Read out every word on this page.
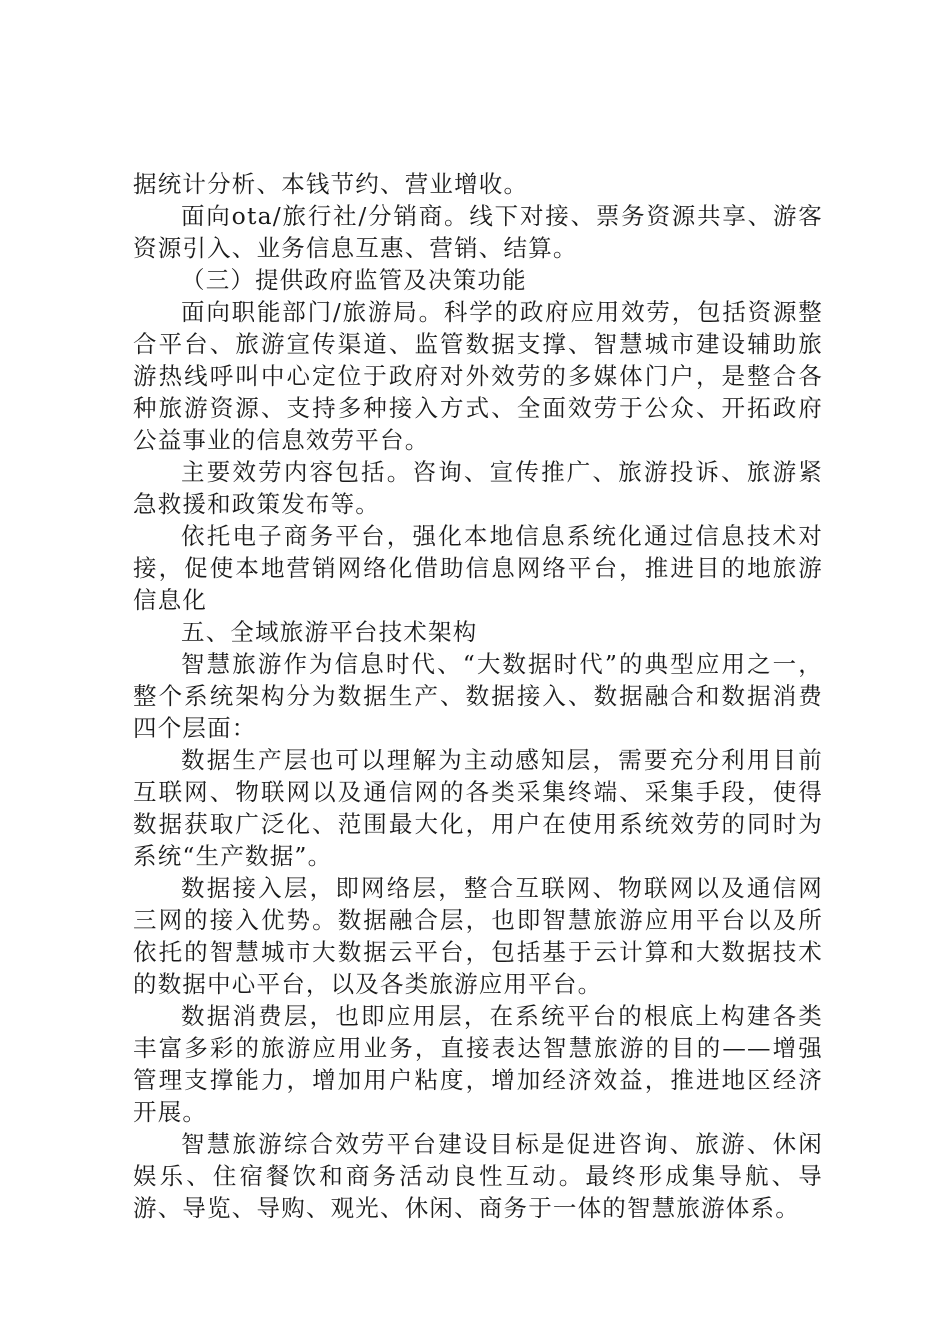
据统计分析、本钱节约、营业增收。

面向ota/旅行社/分销商。线下对接、票务资源共享、游客资源引入、业务信息互惠、营销、结算。

（三）提供政府监管及决策功能

面向职能部门/旅游局。科学的政府应用效劳，包括资源整合平台、旅游宣传渠道、监管数据支撑、智慧城市建设辅助旅游热线呼叫中心定位于政府对外效劳的多媒体门户，是整合各种旅游资源、支持多种接入方式、全面效劳于公众、开拓政府公益事业的信息效劳平台。

主要效劳内容包括。咨询、宣传推广、旅游投诉、旅游紧急救援和政策发布等。

依托电子商务平台，强化本地信息系统化通过信息技术对接，促使本地营销网络化借助信息网络平台，推进目的地旅游信息化

五、全域旅游平台技术架构

智慧旅游作为信息时代、“大数据时代”的典型应用之一，整个系统架构分为数据生产、数据接入、数据融合和数据消费四个层面：

数据生产层也可以理解为主动感知层，需要充分利用目前互联网、物联网以及通信网的各类采集终端、采集手段，使得数据获取广泛化、范围最大化，用户在使用系统效劳的同时为系统“生产数据”。

数据接入层，即网络层，整合互联网、物联网以及通信网三网的接入优势。数据融合层，也即智慧旅游应用平台以及所依托的智慧城市大数据云平台，包括基于云计算和大数据技术的数据中心平台，以及各类旅游应用平台。

数据消费层，也即应用层，在系统平台的根底上构建各类丰富多彩的旅游应用业务，直接表达智慧旅游的目的——增强管理支撑能力，增加用户粘度，增加经济效益，推进地区经济开展。

智慧旅游综合效劳平台建设目标是促进咨询、旅游、休闲娱乐、住宿餐饮和商务活动良性互动。最终形成集导航、导游、导览、导购、观光、休闲、商务于一体的智慧旅游体系。
